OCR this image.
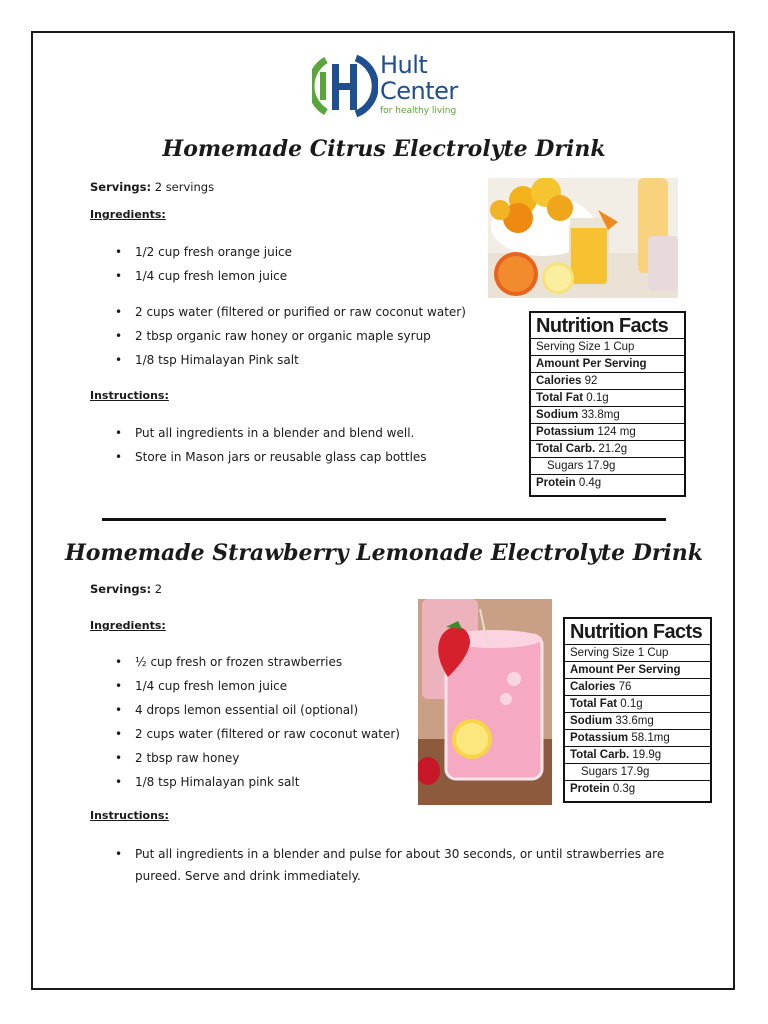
Hult
Center
for healthy living
Homemade Citrus Electrolyte Drink
Servings: 2 servings
Ingredients:
• 1/2 cup fresh orange juice
• 1/4 cup fresh lemon juice
• 2 cups water (filtered or purified or raw coconut water)
• 2 tbsp organic raw honey or organic maple syrup
• 1/8 tsp Himalayan Pink salt
Instructions:
• Put all ingredients in a blender and blend well.
• Store in Mason jars or reusable glass cap bottles
Nutrition Facts
Serving Size 1 Cup
Amount Per Serving
Calories 92
Total Fat 0.1g
Sodium 33.8mg
Potassium 124 mg
Total Carb. 21.2g
Sugars 17.9g
Protein 0.4g
Homemade Strawberry Lemonade Electrolyte Drink
Servings: 2
Ingredients:
• ½ cup fresh or frozen strawberries
• 1/4 cup fresh lemon juice
• 4 drops lemon essential oil (optional)
• 2 cups water (filtered or raw coconut water)
• 2 tbsp raw honey
• 1/8 tsp Himalayan pink salt
Instructions:
• Put all ingredients in a blender and pulse for about 30 seconds, or until strawberries are pureed. Serve and drink immediately.
Nutrition Facts
Serving Size 1 Cup
Amount Per Serving
Calories 76
Total Fat 0.1g
Sodium 33.6mg
Potassium 58.1mg
Total Carb. 19.9g
Sugars 17.9g
Protein 0.3g
